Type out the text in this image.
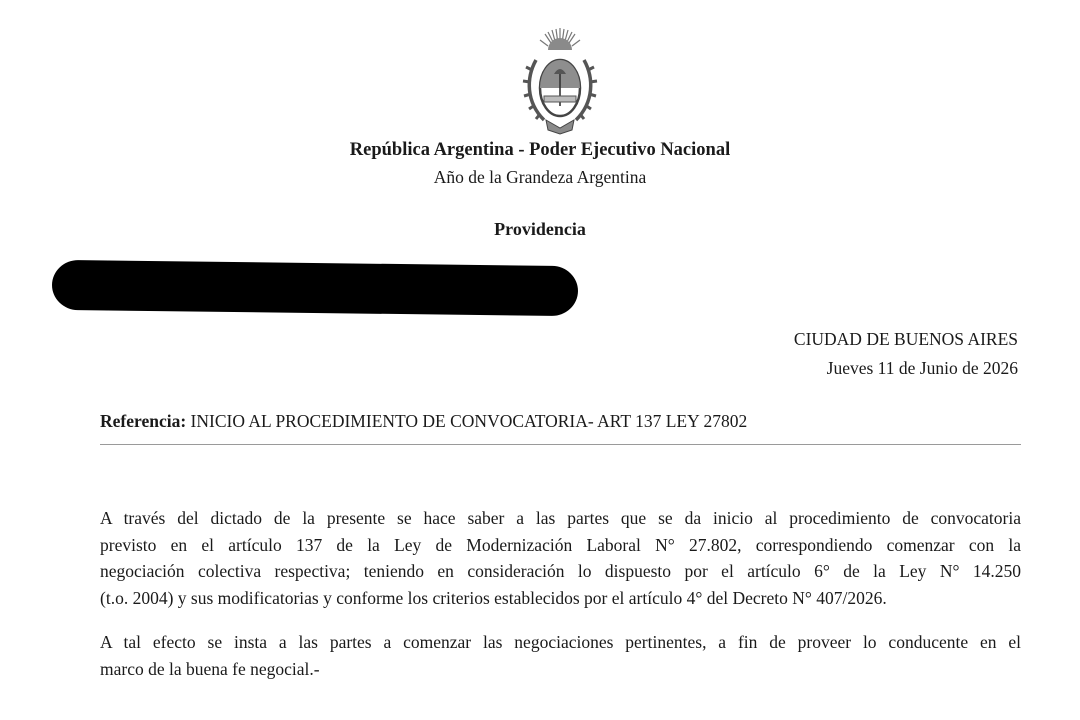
República Argentina - Poder Ejecutivo Nacional
Año de la Grandeza Argentina
Providencia
CIUDAD DE BUENOS AIRES
Jueves 11 de Junio de 2026
Referencia: INICIO AL PROCEDIMIENTO DE CONVOCATORIA- ART 137 LEY 27802
A través del dictado de la presente se hace saber a las partes que se da inicio al procedimiento de convocatoria
previsto en el artículo 137 de la Ley de Modernización Laboral N° 27.802, correspondiendo comenzar con la
negociación colectiva respectiva; teniendo en consideración lo dispuesto por el artículo 6° de la Ley N° 14.250
(t.o. 2004) y sus modificatorias y conforme los criterios establecidos por el artículo 4° del Decreto N° 407/2026.
A tal efecto se insta a las partes a comenzar las negociaciones pertinentes, a fin de proveer lo conducente en el
marco de la buena fe negocial.-
